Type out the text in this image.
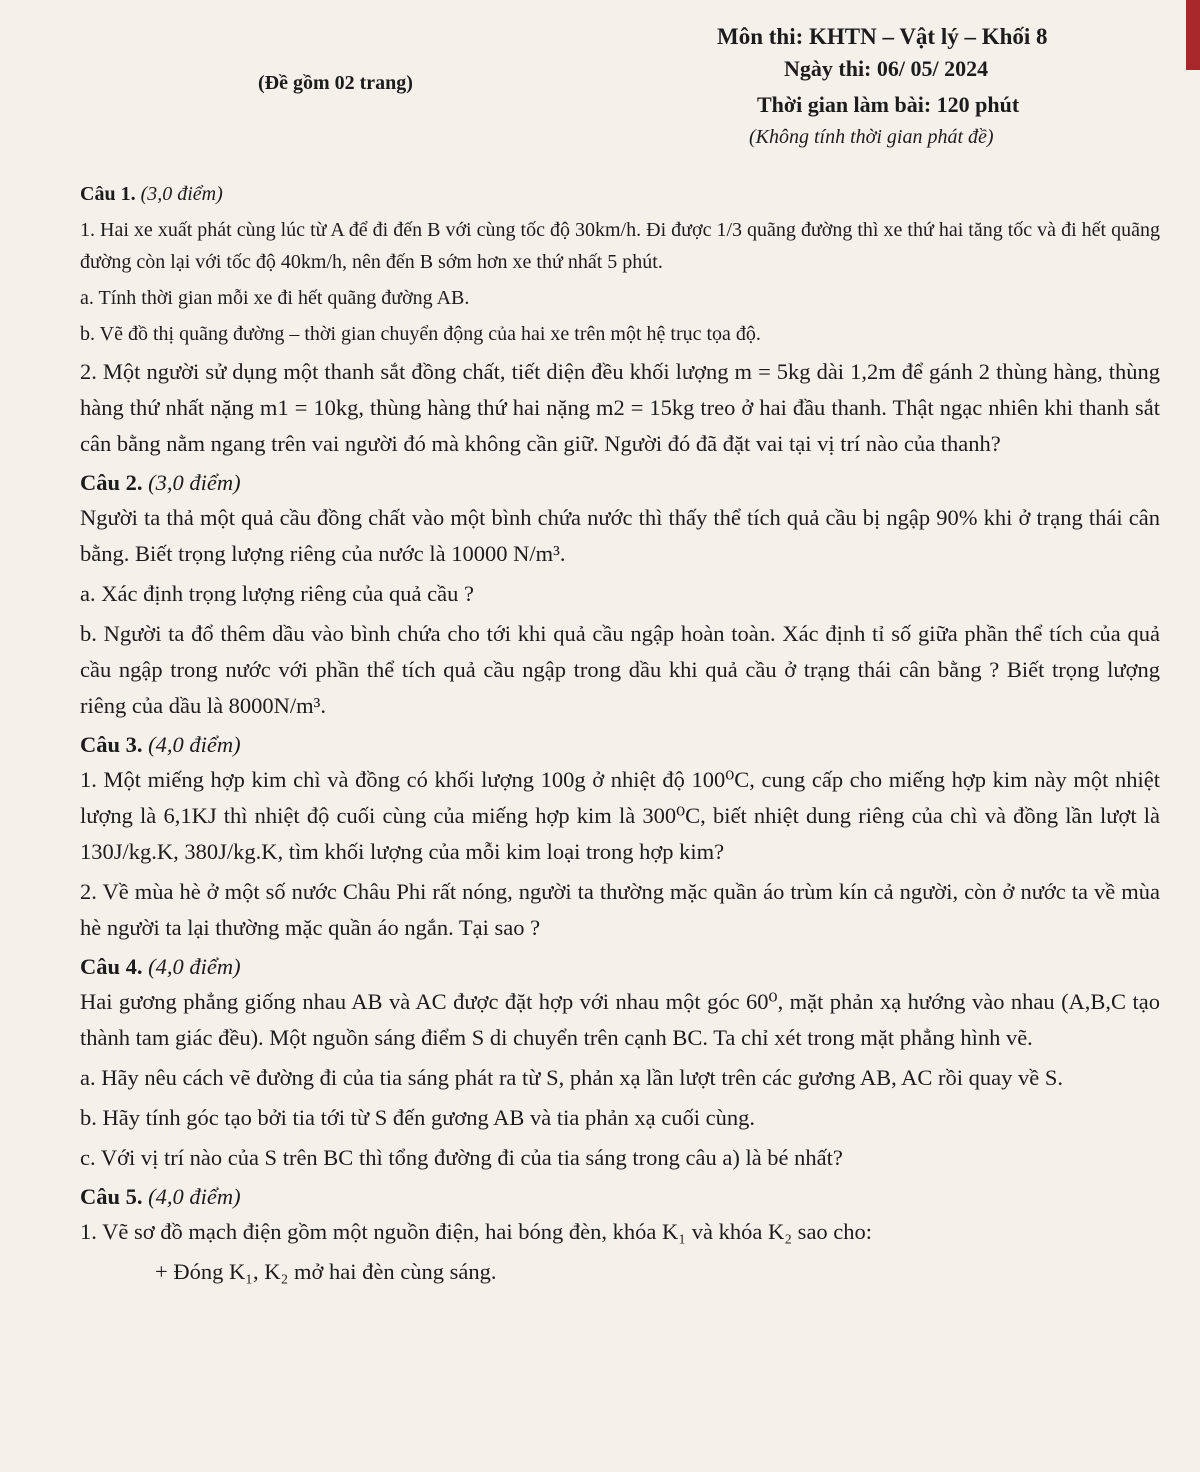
Môn thi: KHTN – Vật lý – Khối 8
(Đề gồm 02 trang)
Ngày thi: 06/ 05/ 2024
Thời gian làm bài: 120 phút
(Không tính thời gian phát đề)
Câu 1. (3,0 điểm)

1. Hai xe xuất phát cùng lúc từ A để đi đến B với cùng tốc độ 30km/h. Đi được 1/3 quãng đường thì xe thứ hai tăng tốc và đi hết quãng đường còn lại với tốc độ 40km/h, nên đến B sớm hơn xe thứ nhất 5 phút.

a. Tính thời gian mỗi xe đi hết quãng đường AB.

b. Vẽ đồ thị quãng đường – thời gian chuyển động của hai xe trên một hệ trục tọa độ.

2. Một người sử dụng một thanh sắt đồng chất, tiết diện đều khối lượng m = 5kg dài 1,2m để gánh 2 thùng hàng, thùng hàng thứ nhất nặng m1 = 10kg, thùng hàng thứ hai nặng m2 = 15kg treo ở hai đầu thanh. Thật ngạc nhiên khi thanh sắt cân bằng nằm ngang trên vai người đó mà không cần giữ. Người đó đã đặt vai tại vị trí nào của thanh?

Câu 2. (3,0 điểm)

Người ta thả một quả cầu đồng chất vào một bình chứa nước thì thấy thể tích quả cầu bị ngập 90% khi ở trạng thái cân bằng. Biết trọng lượng riêng của nước là 10000 N/m³.

a. Xác định trọng lượng riêng của quả cầu ?

b. Người ta đổ thêm dầu vào bình chứa cho tới khi quả cầu ngập hoàn toàn. Xác định tỉ số giữa phần thể tích của quả cầu ngập trong nước với phần thể tích quả cầu ngập trong dầu khi quả cầu ở trạng thái cân bằng ? Biết trọng lượng riêng của dầu là 8000N/m³.

Câu 3. (4,0 điểm)

1. Một miếng hợp kim chì và đồng có khối lượng 100g ở nhiệt độ 100⁰C, cung cấp cho miếng hợp kim này một nhiệt lượng là 6,1KJ thì nhiệt độ cuối cùng của miếng hợp kim là 300⁰C, biết nhiệt dung riêng của chì và đồng lần lượt là 130J/kg.K, 380J/kg.K, tìm khối lượng của mỗi kim loại trong hợp kim?

2. Về mùa hè ở một số nước Châu Phi rất nóng, người ta thường mặc quần áo trùm kín cả người, còn ở nước ta về mùa hè người ta lại thường mặc quần áo ngắn. Tại sao ?

Câu 4. (4,0 điểm)

Hai gương phẳng giống nhau AB và AC được đặt hợp với nhau một góc 60⁰, mặt phản xạ hướng vào nhau (A,B,C tạo thành tam giác đều). Một nguồn sáng điểm S di chuyển trên cạnh BC. Ta chỉ xét trong mặt phẳng hình vẽ.

a. Hãy nêu cách vẽ đường đi của tia sáng phát ra từ S, phản xạ lần lượt trên các gương AB, AC rồi quay về S.

b. Hãy tính góc tạo bởi tia tới từ S đến gương AB và tia phản xạ cuối cùng.

c. Với vị trí nào của S trên BC thì tổng đường đi của tia sáng trong câu a) là bé nhất?

Câu 5. (4,0 điểm)

1. Vẽ sơ đồ mạch điện gồm một nguồn điện, hai bóng đèn, khóa K₁ và khóa K₂ sao cho:

+ Đóng K₁, K₂ mở hai đèn cùng sáng.
